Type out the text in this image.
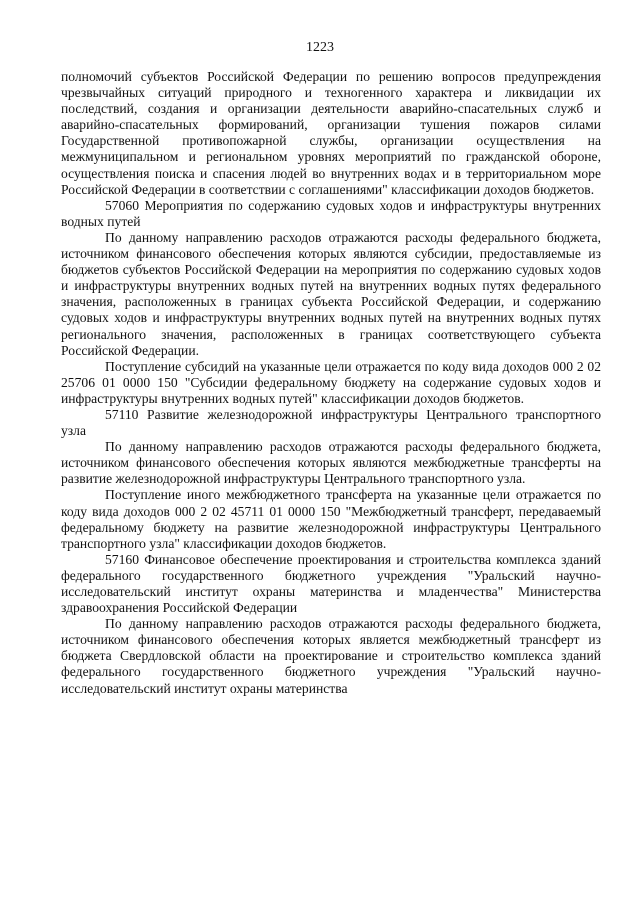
1223

полномочий субъектов Российской Федерации по решению вопросов предупреждения чрезвычайных ситуаций природного и техногенного характера и ликвидации их последствий, создания и организации деятельности аварийно-спасательных служб и аварийно-спасательных формирований, организации тушения пожаров силами Государственной противопожарной службы, организации осуществления на межмуниципальном и региональном уровнях мероприятий по гражданской обороне, осуществления поиска и спасения людей во внутренних водах и в территориальном море Российской Федерации в соответствии с соглашениями" классификации доходов бюджетов.

57060 Мероприятия по содержанию судовых ходов и инфраструктуры внутренних водных путей

По данному направлению расходов отражаются расходы федерального бюджета, источником финансового обеспечения которых являются субсидии, предоставляемые из бюджетов субъектов Российской Федерации на мероприятия по содержанию судовых ходов и инфраструктуры внутренних водных путей на внутренних водных путях федерального значения, расположенных в границах субъекта Российской Федерации, и содержанию судовых ходов и инфраструктуры внутренних водных путей на внутренних водных путях регионального значения, расположенных в границах соответствующего субъекта Российской Федерации.

Поступление субсидий на указанные цели отражается по коду вида доходов 000 2 02 25706 01 0000 150 "Субсидии федеральному бюджету на содержание судовых ходов и инфраструктуры внутренних водных путей" классификации доходов бюджетов.

57110 Развитие железнодорожной инфраструктуры Центрального транспортного узла

По данному направлению расходов отражаются расходы федерального бюджета, источником финансового обеспечения которых являются межбюджетные трансферты на развитие железнодорожной инфраструктуры Центрального транспортного узла.

Поступление иного межбюджетного трансферта на указанные цели отражается по коду вида доходов 000 2 02 45711 01 0000 150 "Межбюджетный трансферт, передаваемый федеральному бюджету на развитие железнодорожной инфраструктуры Центрального транспортного узла" классификации доходов бюджетов.

57160 Финансовое обеспечение проектирования и строительства комплекса зданий федерального государственного бюджетного учреждения "Уральский научно-исследовательский институт охраны материнства и младенчества" Министерства здравоохранения Российской Федерации

По данному направлению расходов отражаются расходы федерального бюджета, источником финансового обеспечения которых является межбюджетный трансферт из бюджета Свердловской области на проектирование и строительство комплекса зданий федерального государственного бюджетного учреждения "Уральский научно-исследовательский институт охраны материнства
